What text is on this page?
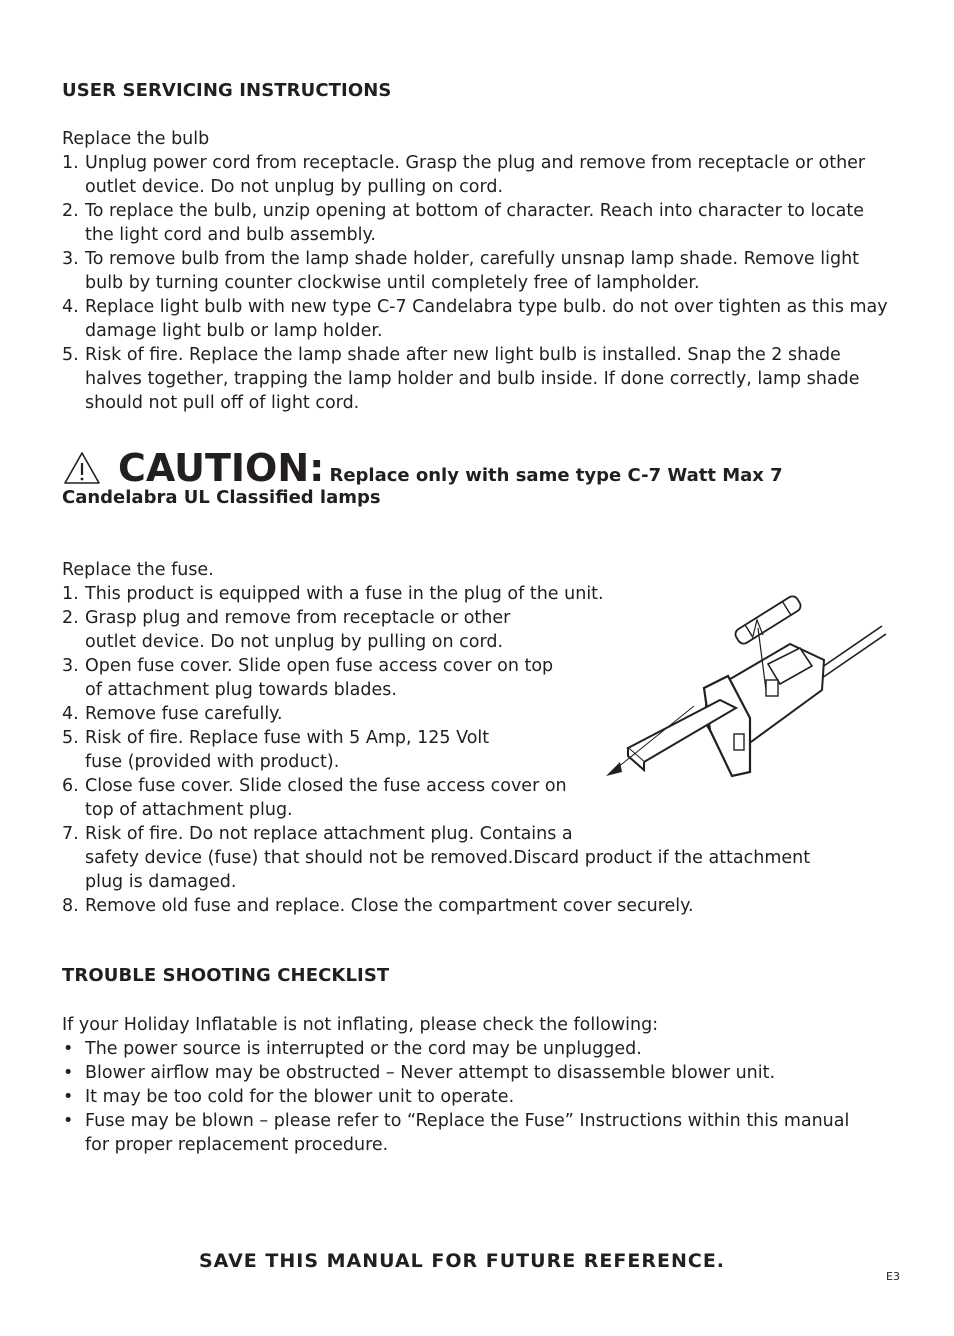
USER SERVICING INSTRUCTIONS
Replace the bulb
1. Unplug power cord from receptacle. Grasp the plug and remove from receptacle or other outlet device. Do not unplug by pulling on cord.
2. To replace the bulb, unzip opening at bottom of character. Reach into character to locate the light cord and bulb assembly.
3. To remove bulb from the lamp shade holder, carefully unsnap lamp shade. Remove light bulb by turning counter clockwise until completely free of lampholder.
4. Replace light bulb with new type C-7 Candelabra type bulb. do not over tighten as this may damage light bulb or lamp holder.
5. Risk of fire. Replace the lamp shade after new light bulb is installed. Snap the 2 shade halves together, trapping the lamp holder and bulb inside. If done correctly, lamp shade should not pull off of light cord.
CAUTION: Replace only with same type C-7 Watt Max 7
Candelabra UL Classified lamps
Replace the fuse.
1. This product is equipped with a fuse in the plug of the unit.
2. Grasp plug and remove from receptacle or other outlet device. Do not unplug by pulling on cord.
3. Open fuse cover. Slide open fuse access cover on top of attachment plug towards blades.
4. Remove fuse carefully.
5. Risk of fire. Replace fuse with 5 Amp, 125 Volt fuse (provided with product).
6. Close fuse cover. Slide closed the fuse access cover on top of attachment plug.
7. Risk of fire. Do not replace attachment plug. Contains a
safety device (fuse) that should not be removed.Discard product if the attachment plug is damaged.
8. Remove old fuse and replace. Close the compartment cover securely.
TROUBLE SHOOTING CHECKLIST
If your Holiday Inflatable is not inflating, please check the following:
• The power source is interrupted or the cord may be unplugged.
• Blower airflow may be obstructed – Never attempt to disassemble blower unit.
• It may be too cold for the blower unit to operate.
• Fuse may be blown – please refer to “Replace the Fuse” Instructions within this manual for proper replacement procedure.
SAVE THIS MANUAL FOR FUTURE REFERENCE.
E3
